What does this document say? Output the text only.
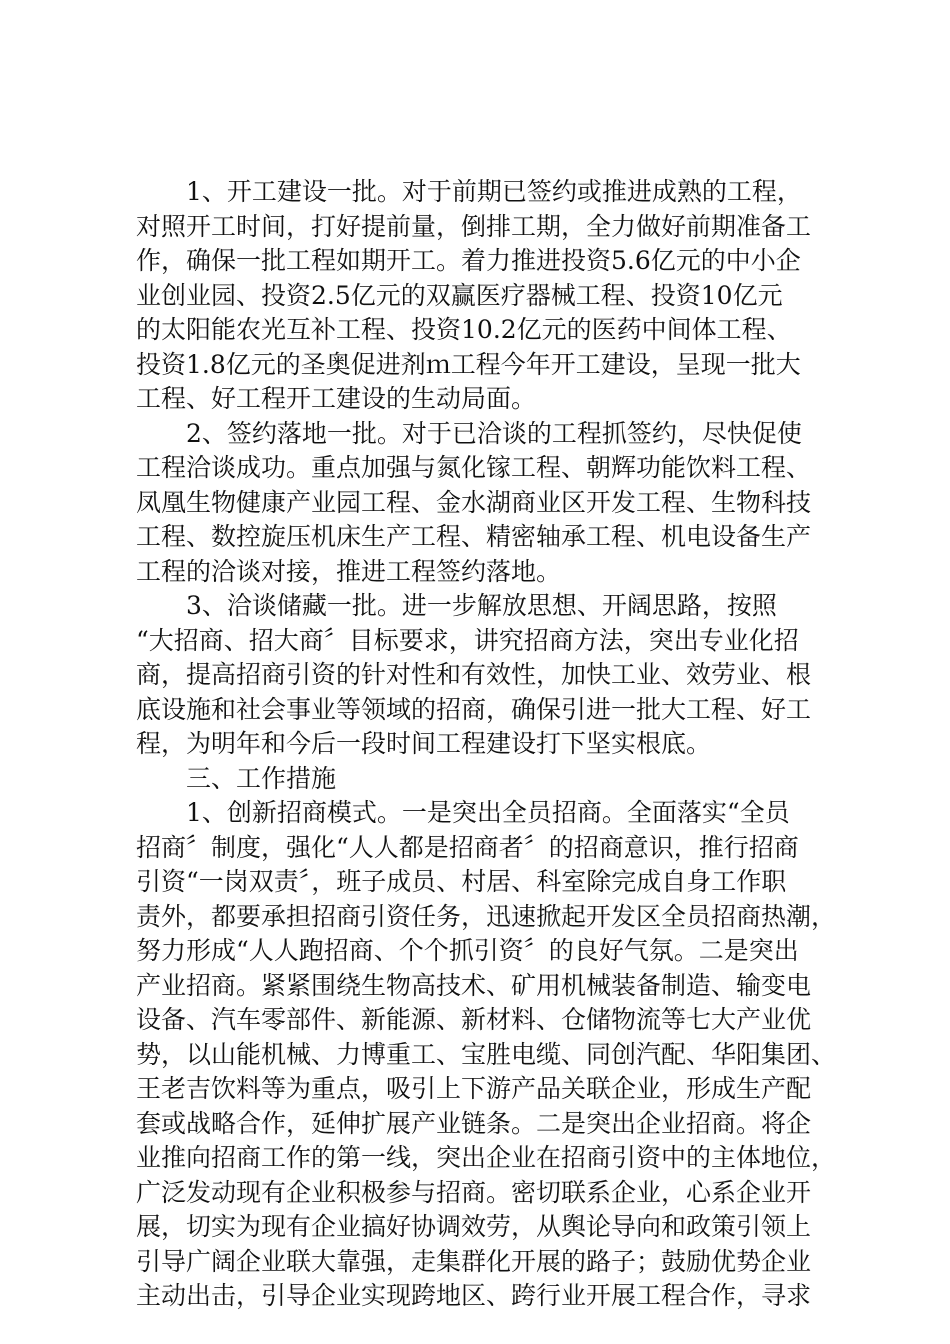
1、开工建设一批。对于前期已签约或推进成熟的工程，
对照开工时间，打好提前量，倒排工期，全力做好前期准备工
作，确保一批工程如期开工。着力推进投资5.6亿元的中小企
业创业园、投资2.5亿元的双赢医疗器械工程、投资10亿元
的太阳能农光互补工程、投资10.2亿元的医药中间体工程、
投资1.8亿元的圣奥促进剂ｍ工程今年开工建设，呈现一批大
工程、好工程开工建设的生动局面。
2、签约落地一批。对于已洽谈的工程抓签约，尽快促使
工程洽谈成功。重点加强与氮化镓工程、朝辉功能饮料工程、
凤凰生物健康产业园工程、金水湖商业区开发工程、生物科技
工程、数控旋压机床生产工程、精密轴承工程、机电设备生产
工程的洽谈对接，推进工程签约落地。
3、洽谈储藏一批。进一步解放思想、开阔思路，按照
“大招商、招大商〞目标要求，讲究招商方法，突出专业化招
商，提高招商引资的针对性和有效性，加快工业、效劳业、根
底设施和社会事业等领域的招商，确保引进一批大工程、好工
程，为明年和今后一段时间工程建设打下坚实根底。
三、工作措施
1、创新招商模式。一是突出全员招商。全面落实“全员
招商〞制度，强化“人人都是招商者〞的招商意识，推行招商
引资“一岗双责〞，班子成员、村居、科室除完成自身工作职
责外，都要承担招商引资任务，迅速掀起开发区全员招商热潮，
努力形成“人人跑招商、个个抓引资〞的良好气氛。二是突出
产业招商。紧紧围绕生物高技术、矿用机械装备制造、输变电
设备、汽车零部件、新能源、新材料、仓储物流等七大产业优
势，以山能机械、力博重工、宝胜电缆、同创汽配、华阳集团、
王老吉饮料等为重点，吸引上下游产品关联企业，形成生产配
套或战略合作，延伸扩展产业链条。二是突出企业招商。将企
业推向招商工作的第一线，突出企业在招商引资中的主体地位，
广泛发动现有企业积极参与招商。密切联系企业，心系企业开
展，切实为现有企业搞好协调效劳，从舆论导向和政策引领上
引导广阔企业联大靠强，走集群化开展的路子；鼓励优势企业
主动出击，引导企业实现跨地区、跨行业开展工程合作，寻求
